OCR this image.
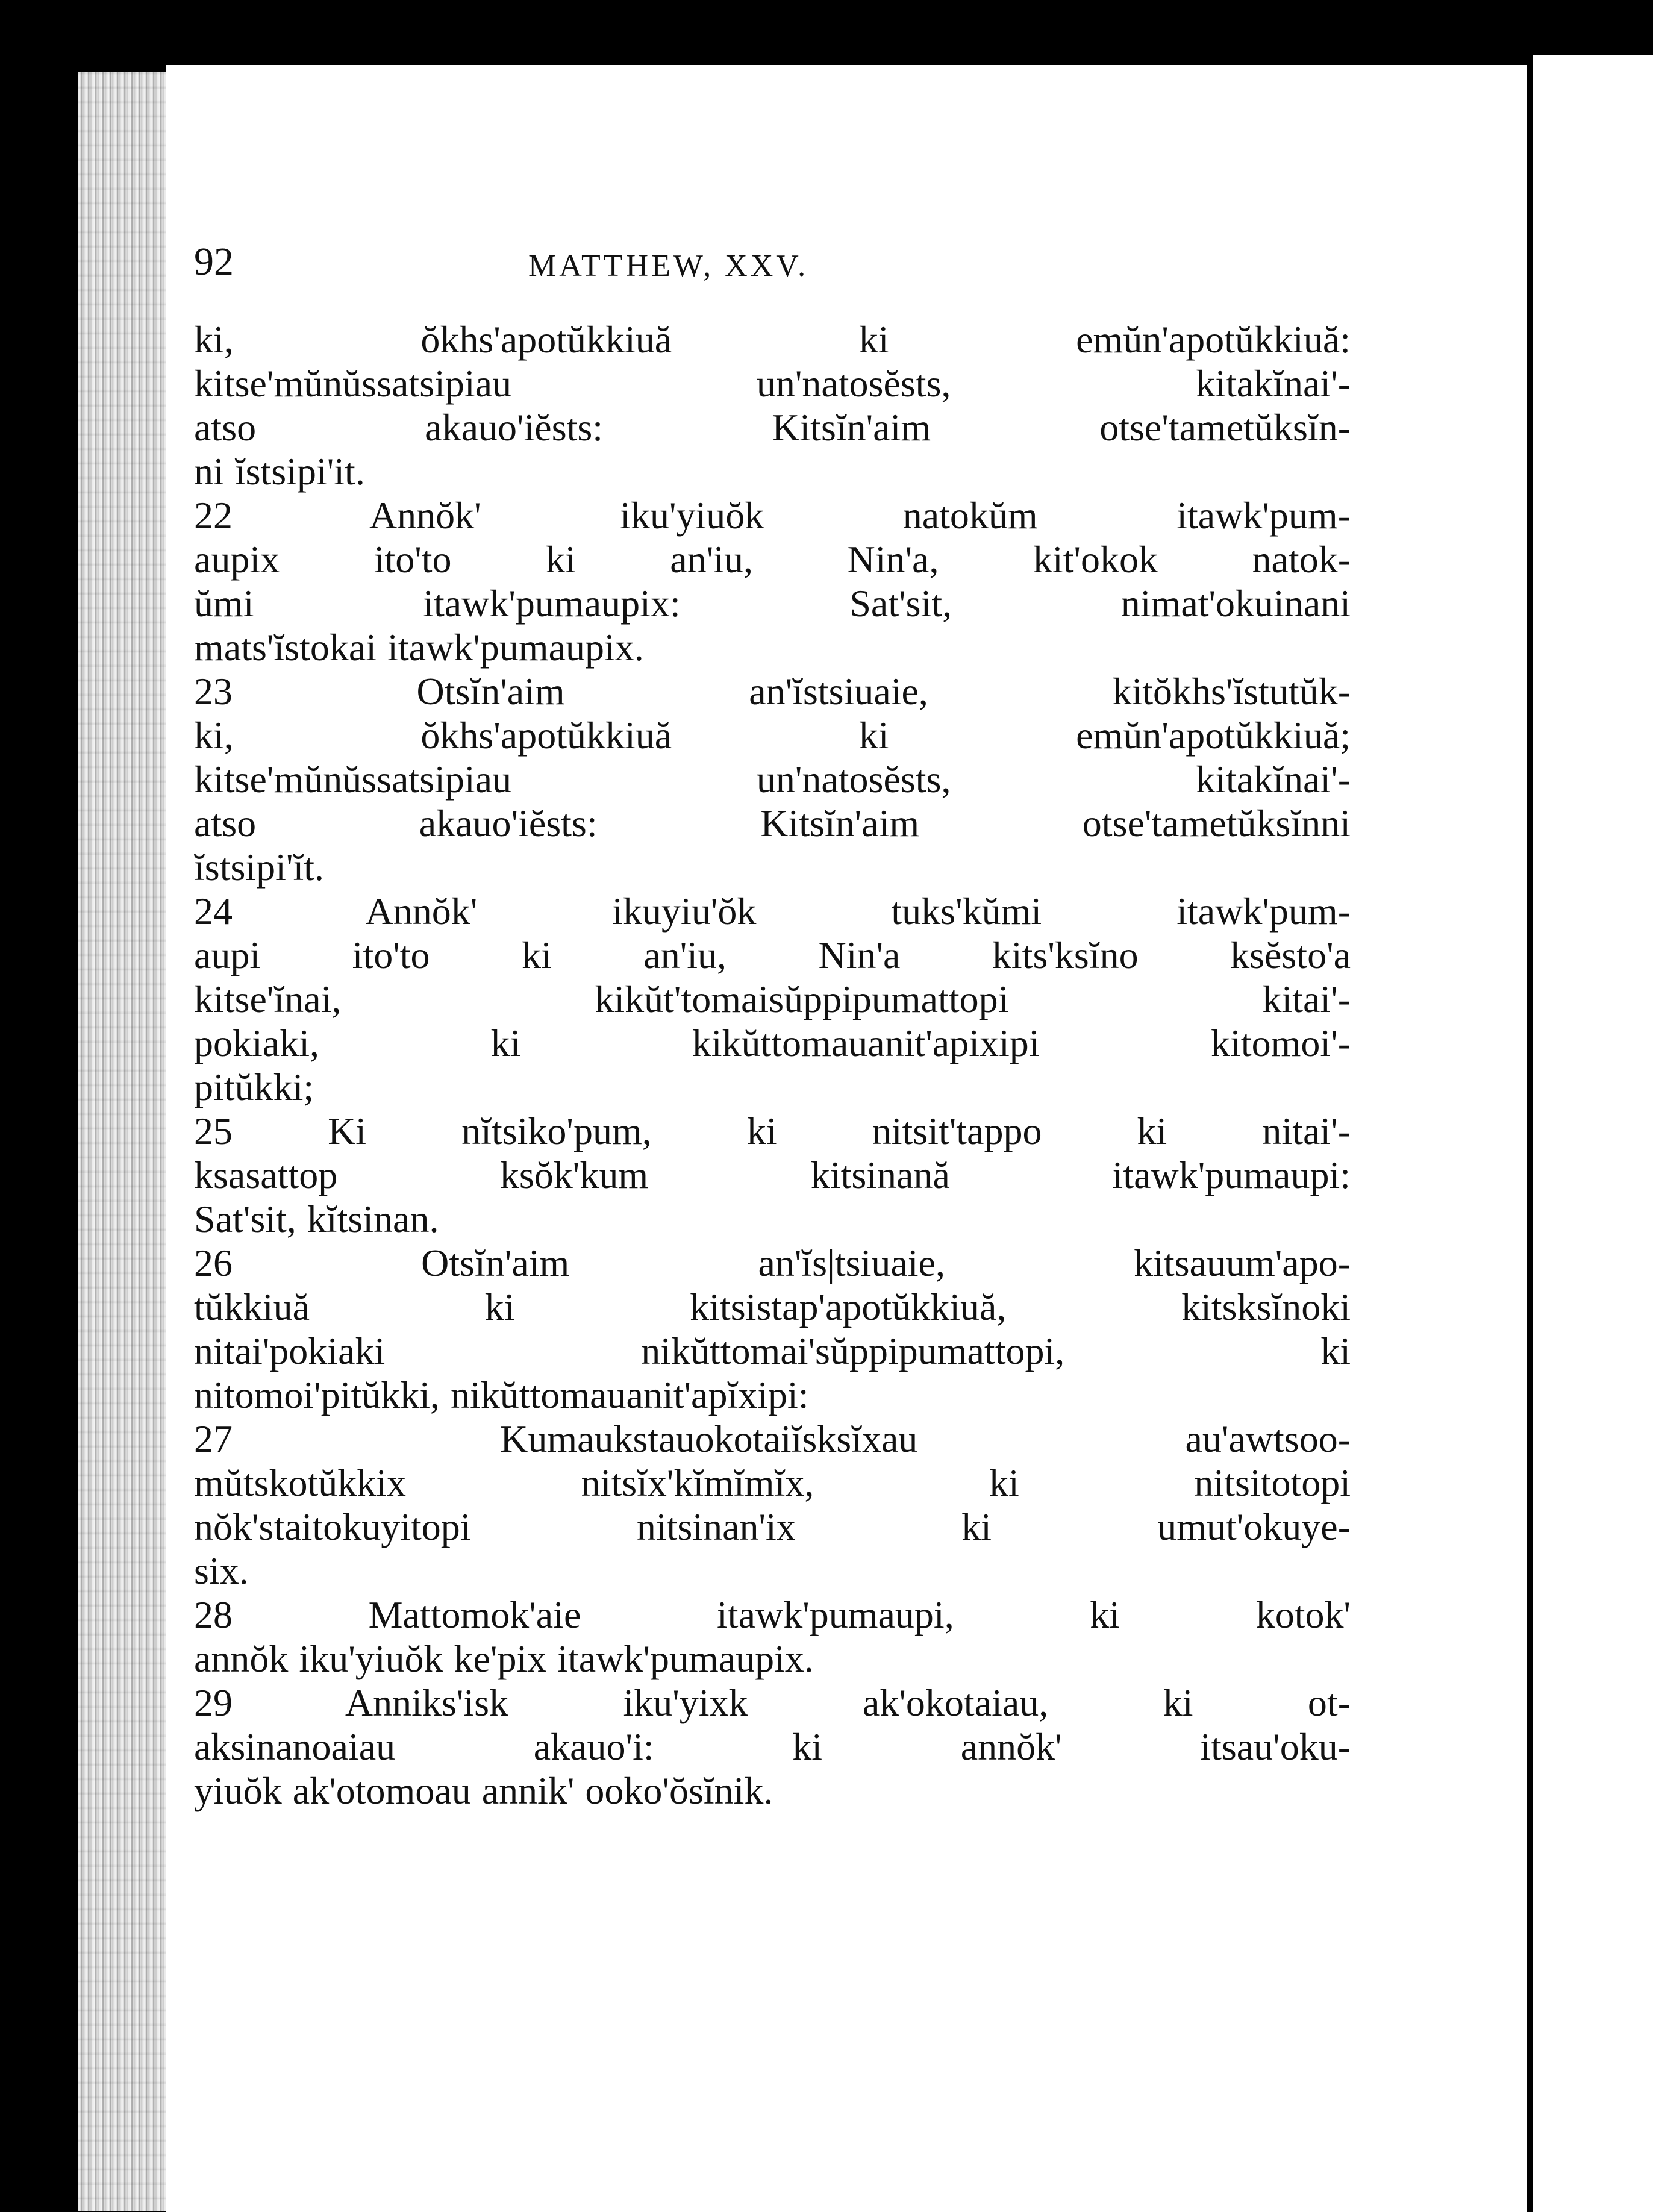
92	MATTHEW, XXV.
ki, ŏkhs'apotŭkkiuă ki emŭn'apotŭkkiuă:
kitse'mŭnŭssatsipiau un'natosĕsts, kitakĭnai'-
atso akauo'iĕsts: Kitsĭn'aim otse'tametŭksĭn-
ni ĭstsipi'it.
22 Annŏk' iku'yiuŏk natokŭm itawk'pum-
aupix ito'to ki an'iu, Nin'a, kit'okok natok-
ŭmi itawk'pumaupix: Sat'sit, nimat'okuinani
mats'ĭstokai itawk'pumaupix.
23 Otsĭn'aim an'ĭstsiuaie, kitŏkhs'ĭstutŭk-
ki, ŏkhs'apotŭkkiuă ki emŭn'apotŭkkiuă;
kitse'mŭnŭssatsipiau un'natosĕsts, kitakĭnai'-
atso akauo'iĕsts: Kitsĭn'aim otse'tametŭksĭnni
ĭstsipi'ĭt.
24 Annŏk' ikuyiu'ŏk tuks'kŭmi itawk'pum-
aupi ito'to ki an'iu, Nin'a kits'ksĭno ksĕsto'a
kitse'ĭnai, kikŭt'tomaisŭppipumattopi kitai'-
pokiaki, ki kikŭttomauanit'apixipi kitomoi'-
pitŭkki;
25 Ki nĭtsiko'pum, ki nitsit'tappo ki nitai'-
ksasattop ksŏk'kum kitsinană itawk'pumaupi:
Sat'sit, kĭtsinan.
26 Otsĭn'aim an'ĭs|tsiuaie, kitsauum'apo-
tŭkkiuă ki kitsistap'apotŭkkiuă, kitsksĭnoki
nitai'pokiaki nikŭttomai'sŭppipumattopi, ki
nitomoi'pitŭkki, nikŭttomauanit'apĭxipi:
27 Kumaukstauokotaiĭsksĭxau au'awtsoo-
mŭtskotŭkkix nitsĭx'kĭmĭmĭx, ki nitsitotopi
nŏk'staitokuyitopi nitsinan'ix ki umut'okuye-
six.
28 Mattomok'aie itawk'pumaupi, ki kotok'
annŏk iku'yiuŏk ke'pix itawk'pumaupix.
29 Anniks'isk iku'yixk ak'okotaiau, ki ot-
aksinanoaiau akauo'i: ki annŏk' itsau'oku-
yiuŏk ak'otomoau annik' ooko'ŏsĭnik.
